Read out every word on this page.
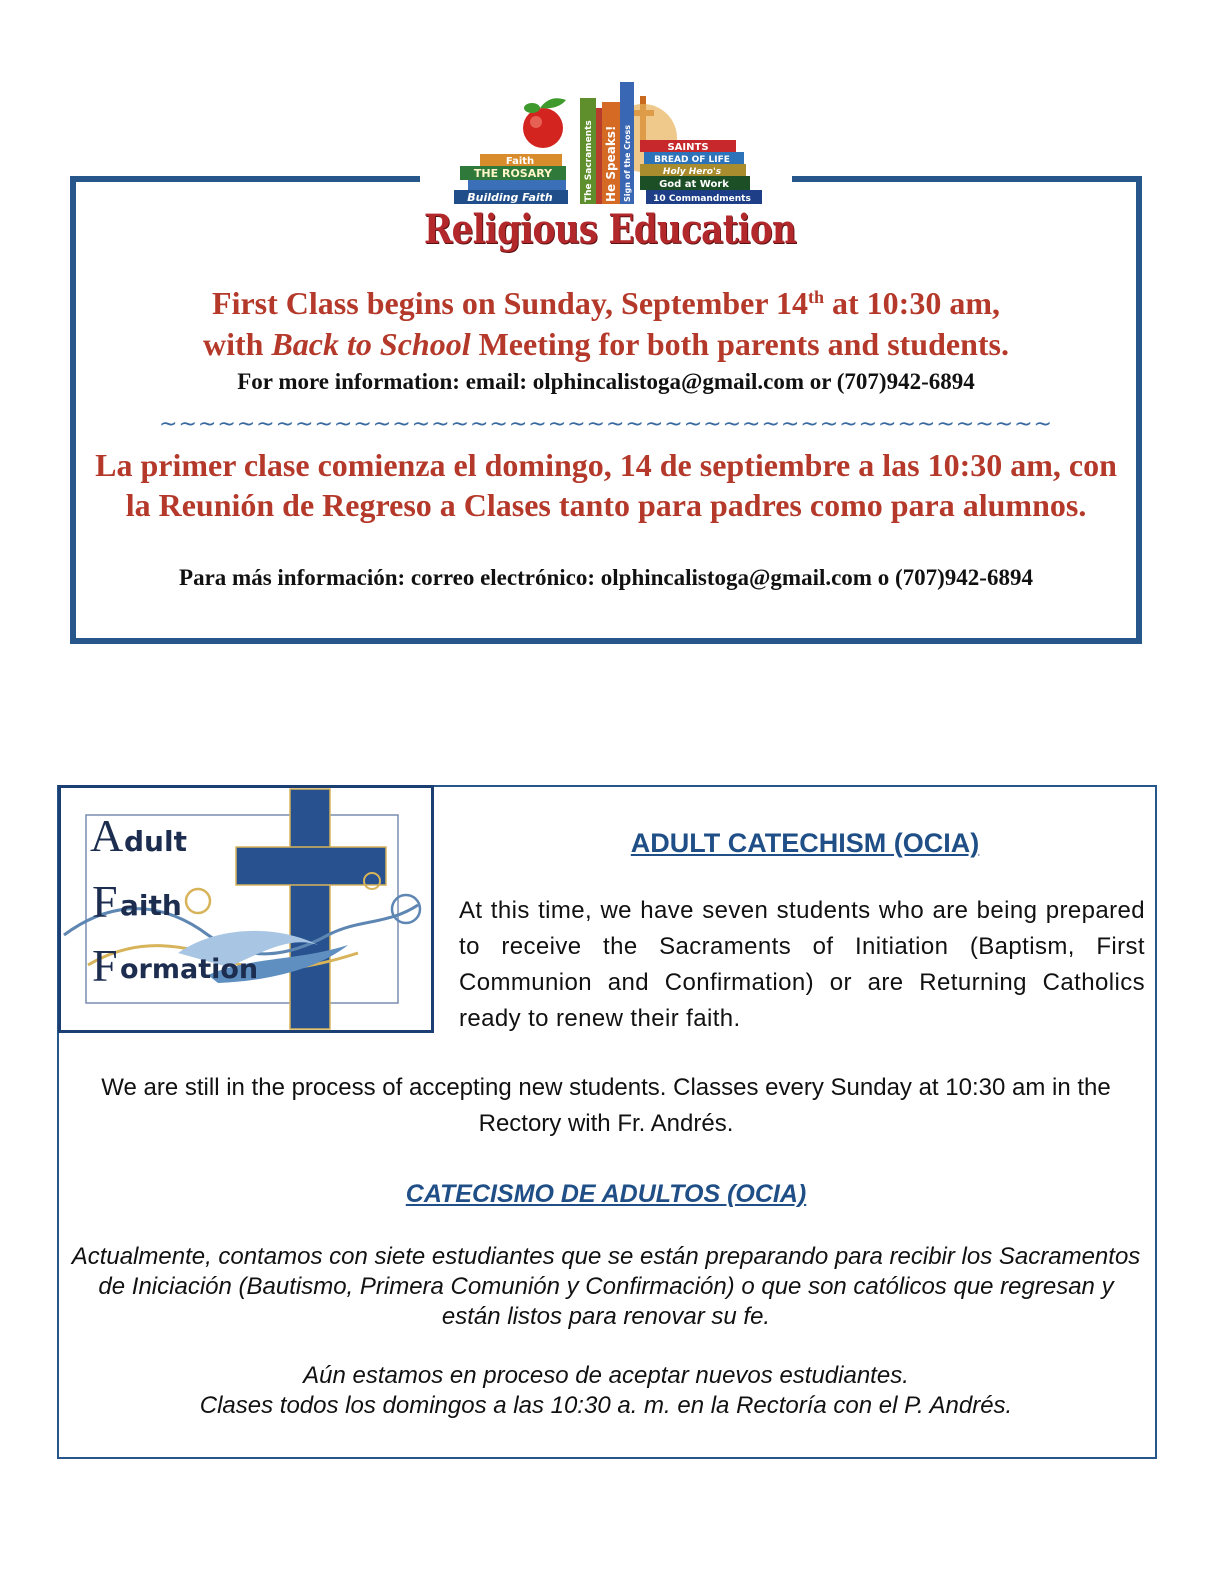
Faith
THE ROSARY
Building Faith	The Sacraments He Speaks! Sign of the Cross	SAINTS
BREAD OF LIFE
Holy Hero's
God at Work
10 Commandments
Religious Education
First Class begins on Sunday, September 14th at 10:30 am,
with Back to School Meeting for both parents and students.
For more information: email: olphincalistoga@gmail.com or (707)942-6894
~~~~~~~~~~~~~~~~~~~~~~~~~~~~~~~~~~~~~~~~~~~~~~
La primer clase comienza el domingo, 14 de septiembre a las 10:30 am, con la Reunión de Regreso a Clases tanto para padres como para alumnos.
Para más información: correo electrónico: olphincalistoga@gmail.com o (707)942-6894
A dult
F aith
F ormation
ADULT CATECHISM (OCIA)
At this time, we have seven students who are being prepared to receive the Sacraments of Initiation (Baptism, First Communion and Confirmation) or are Returning Catholics ready to renew their faith.
We are still in the process of accepting new students. Classes every Sunday at 10:30 am in the Rectory with Fr. Andrés.
CATECISMO DE ADULTOS (OCIA)
Actualmente, contamos con siete estudiantes que se están preparando para recibir los Sacramentos de Iniciación (Bautismo, Primera Comunión y Confirmación) o que son católicos que regresan y están listos para renovar su fe.
Aún estamos en proceso de aceptar nuevos estudiantes.
Clases todos los domingos a las 10:30 a. m. en la Rectoría con el P. Andrés.
